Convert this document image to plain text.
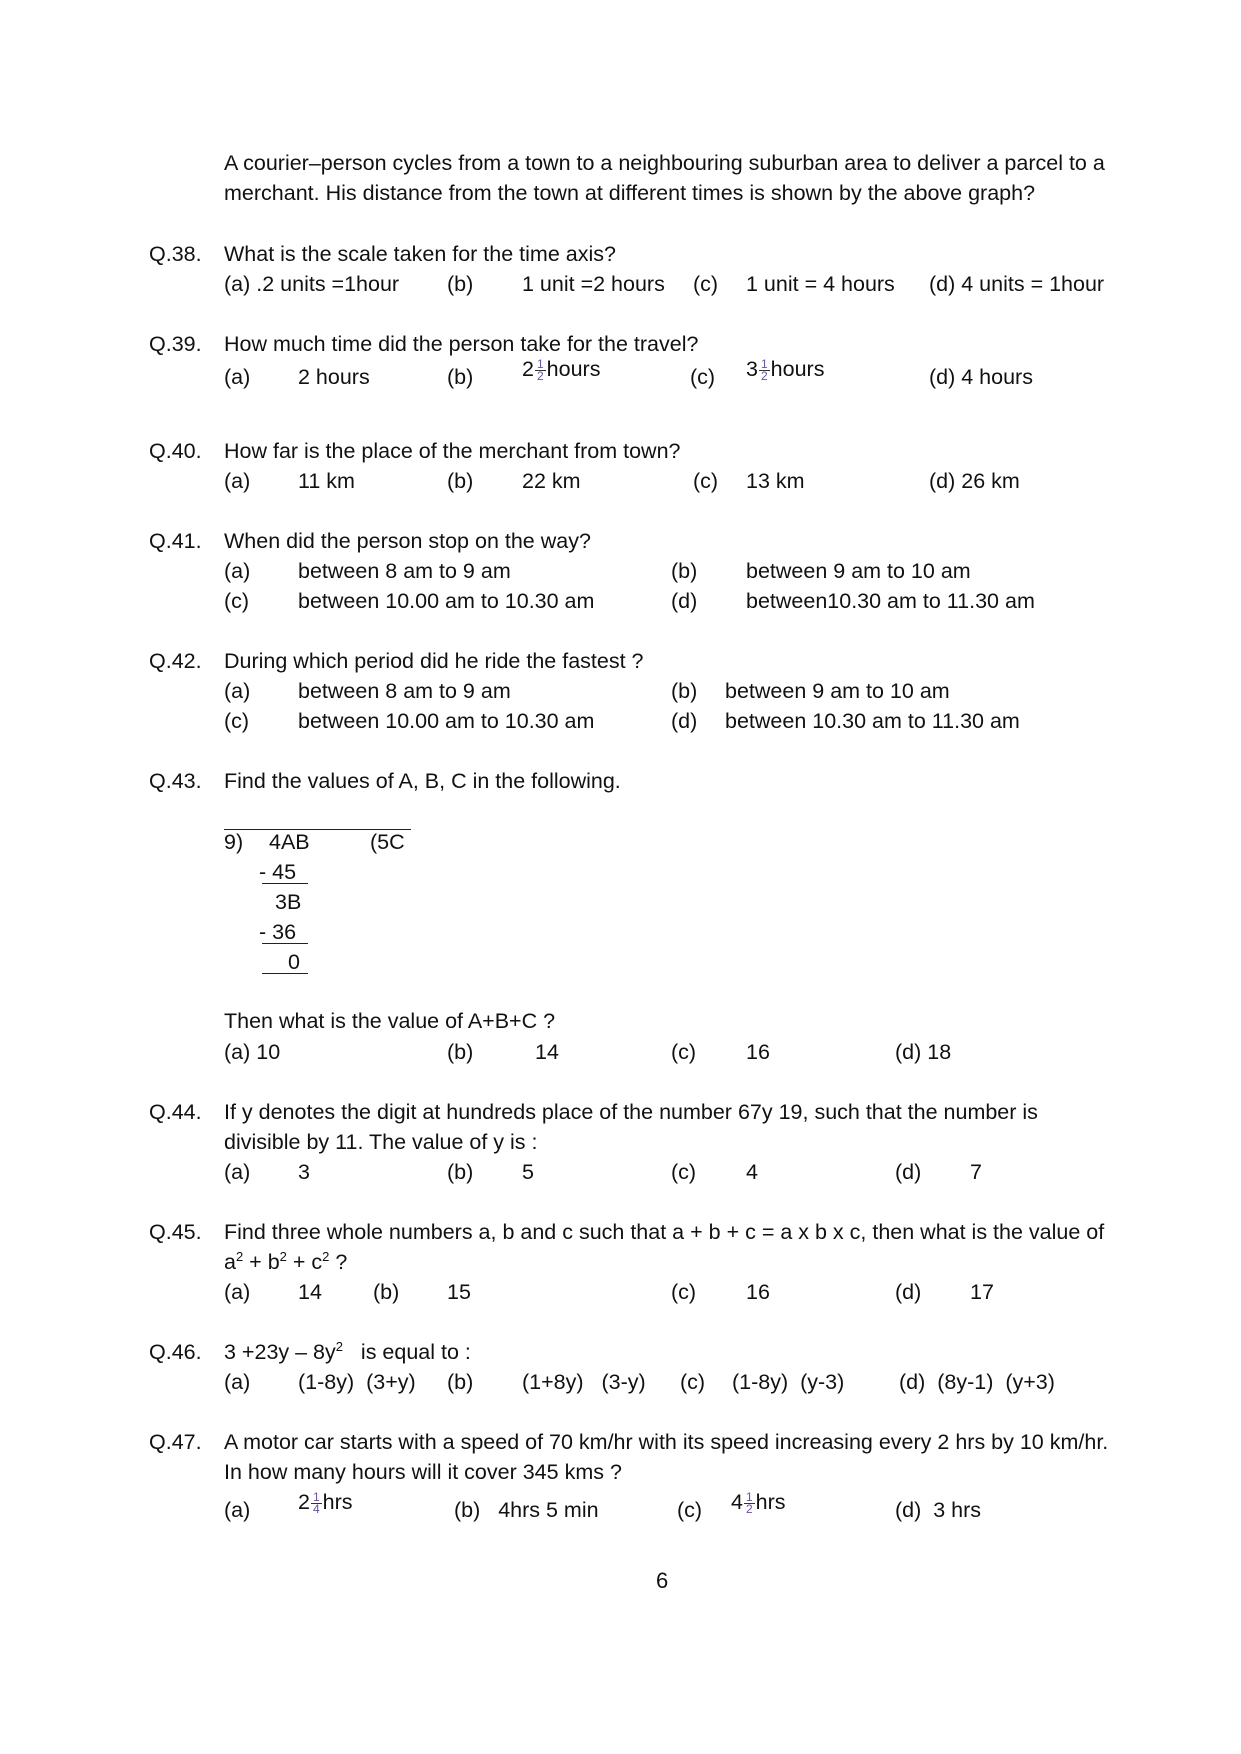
A courier–person cycles from a town to a neighbouring suburban area to deliver a parcel to a
merchant. His distance from the town at different times is shown by the above graph?
Q.38. What is the scale taken for the time axis?
(a) .2 units =1hour (b) 1 unit =2 hours (c) 1 unit = 4 hours (d) 4 units = 1hour
Q.39. How much time did the person take for the travel?
(a) 2 hours	(b) $2 \frac{1}{2}$ hours	(c) $3 \frac{1}{2}$ hours	(d) 4 hours
Q.40. How far is the place of the merchant from town?
(a) 11 km	(b) 22 km	(c) 13 km	(d) 26 km
Q.41. When did the person stop on the way?
(a) between 8 am to 9 am	(b) between 9 am to 10 am
(c) between 10.00 am to 10.30 am	(d) between10.30 am to 11.30 am
Q.42. During which period did he ride the fastest ?
(a) between 8 am to 9 am	(b) between 9 am to 10 am
(c) between 10.00 am to 10.30 am	(d) between 10.30 am to 11.30 am
Q.43. Find the values of A, B, C in the following.
9) 4AB	(5C
- 45
3B
- 36
0
Then what is the value of A+B+C ?
(a) 10	(b)	14	(c) 16	(d) 18
Q.44. If y denotes the digit at hundreds place of the number 67y 19, such that the number is
divisible by 11. The value of y is :
(a) 3	(b) 5	(c) 4	(d) 7
Q.45. Find three whole numbers a, b and c such that a + b + c = a x b x c, then what is the value of
$a^2 + b^2 + c^2$ ?
(a) 14 (b) 15	(c) 16	(d) 17
Q.46. $3 +23y - 8y^2$   is equal to :
(a) (1-8y)  (3+y) (b) (1+8y)   (3-y) (c) (1-8y)  (y-3)	(d)  (8y-1)  (y+3)
Q.47. A motor car starts with a speed of 70 km/hr with its speed increasing every 2 hrs by 10 km/hr.
In how many hours will it cover 345 kms ?
(a) $2 \frac{1}{4}$ hrs	(b)   4hrs 5 min	(c) $4 \frac{1}{2}$ hrs	(d)  3 hrs
6
